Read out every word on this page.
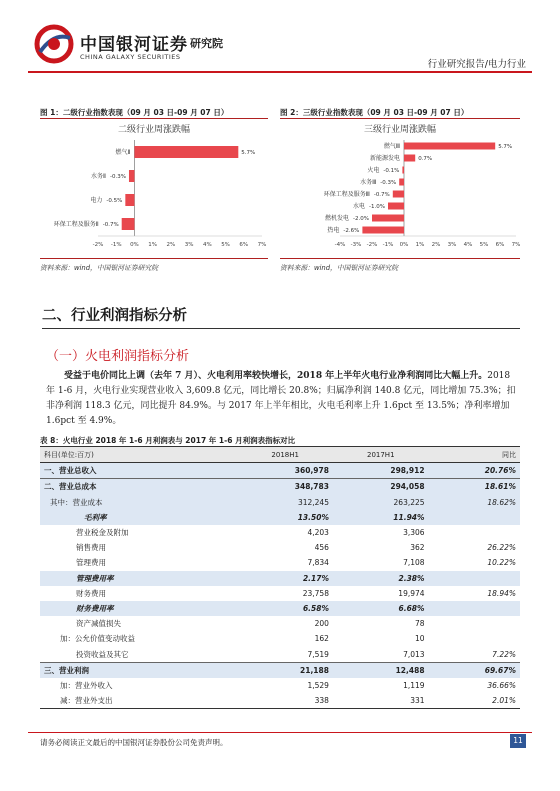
中国银河证券
CHINA GALAXY SECURITIES
研究院
行业研究报告/电力行业
图 1：二级行业指数表现（09 月 03 日-09 月 07 日）
二级行业周涨跌幅
5.7%
燃气Ⅱ
-0.3%
水务Ⅱ
-0.5%
电力
-0.7%
环保工程及服务Ⅱ
-2% -1% 0% 1% 2% 3% 4% 5% 6% 7%
资料来源：wind，中国银河证券研究院
图 2：三级行业指数表现（09 月 03 日-09 月 07 日）
三级行业周涨跌幅
5.7%
燃气Ⅲ
0.7%
新能源发电
-0.1%
火电
-0.3%
水务Ⅲ
-0.7%
环保工程及服务Ⅲ
-1.0%
水电
-2.0%
燃机发电
-2.6%
热电
-4% -3% -2% -1% 0% 1% 2% 3% 4% 5% 6% 7%
资料来源：wind，中国银河证券研究院
二、行业利润指标分析
（一）火电利润指标分析
受益于电价同比上调（去年 7 月）、火电利用率较快增长，2018 年上半年火电行业净利润同比大幅上升。2018 年 1-6 月，火电行业实现营业收入 3,609.8 亿元，同比增长 20.8%；归属净利润 140.8 亿元，同比增加 75.3%；扣非净利润 118.3 亿元，同比提升 84.9%。与 2017 年上半年相比，火电毛利率上升 1.6pct 至 13.5%；净利率增加 1.6pct 至 4.9%。
表 8：火电行业 2018 年 1-6 月利润表与 2017 年 1-6 月利润表指标对比
科目(单位:百万)	2018H1	2017H1	同比
一、营业总收入	360,978	298,912	20.76%
二、营业总成本	348,783	294,058	18.61%
其中：营业成本	312,245	263,225	18.62%
毛利率	13.50%	11.94%	
营业税金及附加	4,203	3,306	
销售费用	456	362	26.22%
管理费用	7,834	7,108	10.22%
管理费用率	2.17%	2.38%	
财务费用	23,758	19,974	18.94%
财务费用率	6.58%	6.68%	
资产减值损失	200	78	
加：公允价值变动收益	162	10	
投资收益及其它	7,519	7,013	7.22%
三、营业利润	21,188	12,488	69.67%
加：营业外收入	1,529	1,119	36.66%
减：营业外支出	338	331	2.01%
请务必阅读正文最后的中国银河证券股份公司免责声明。	11
